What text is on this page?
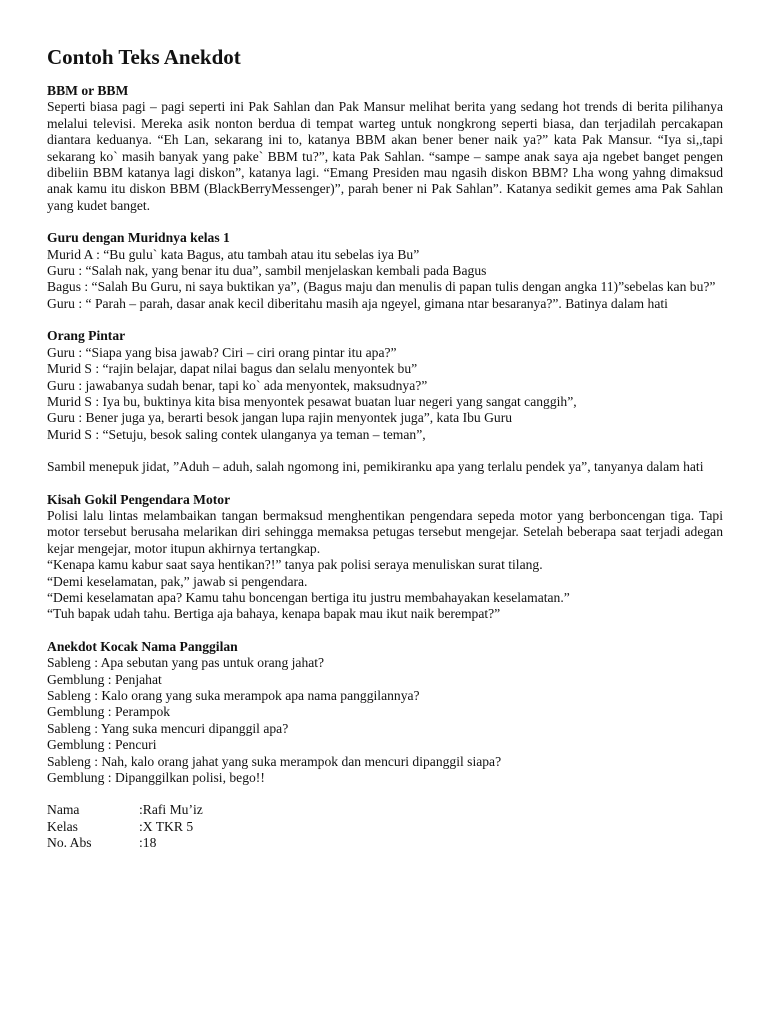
Contoh Teks Anekdot

BBM or BBM

Seperti biasa pagi – pagi seperti ini Pak Sahlan dan Pak Mansur melihat berita yang sedang hot trends di berita pilihanya melalui televisi. Mereka asik nonton berdua di tempat warteg untuk nongkrong seperti biasa, dan terjadilah percakapan diantara keduanya. “Eh Lan, sekarang ini to, katanya BBM akan bener bener naik ya?” kata Pak Mansur. “Iya si,,tapi sekarang ko` masih banyak yang pake` BBM tu?”, kata Pak Sahlan. “sampe – sampe anak saya aja ngebet banget pengen dibeliin BBM katanya lagi diskon”, katanya lagi. “Emang Presiden mau ngasih diskon BBM? Lha wong yahng dimaksud anak kamu itu diskon BBM (BlackBerryMessenger)”, parah bener ni Pak Sahlan”. Katanya sedikit gemes ama Pak Sahlan yang kudet banget.

Guru dengan Muridnya kelas 1

Murid A : “Bu gulu` kata Bagus, atu tambah atau itu sebelas iya Bu”

Guru : “Salah nak, yang benar itu dua”, sambil menjelaskan kembali pada Bagus

Bagus : “Salah Bu Guru, ni saya buktikan ya”, (Bagus maju dan menulis di papan tulis dengan angka 11)”sebelas kan bu?”

Guru : “ Parah – parah, dasar anak kecil diberitahu masih aja ngeyel, gimana ntar besaranya?”. Batinya dalam hati

Orang Pintar

Guru : “Siapa yang bisa jawab? Ciri – ciri orang pintar itu apa?”

Murid S : “rajin belajar, dapat nilai bagus dan selalu menyontek bu”

Guru : jawabanya sudah benar, tapi ko` ada menyontek, maksudnya?”

Murid S : Iya bu, buktinya kita bisa menyontek pesawat buatan luar negeri yang sangat canggih”,

Guru : Bener juga ya, berarti besok jangan lupa rajin menyontek juga”, kata Ibu Guru

Murid S : “Setuju, besok saling contek ulanganya ya teman – teman”,

Sambil menepuk jidat, ”Aduh – aduh, salah ngomong ini, pemikiranku apa yang terlalu pendek ya”, tanyanya dalam hati

Kisah Gokil Pengendara Motor

Polisi lalu lintas melambaikan tangan bermaksud menghentikan pengendara sepeda motor yang berboncengan tiga. Tapi motor tersebut berusaha melarikan diri sehingga memaksa petugas tersebut mengejar. Setelah beberapa saat terjadi adegan kejar mengejar, motor itupun akhirnya tertangkap.

“Kenapa kamu kabur saat saya hentikan?!” tanya pak polisi seraya menuliskan surat tilang.

“Demi keselamatan, pak,” jawab si pengendara.

“Demi keselamatan apa? Kamu tahu boncengan bertiga itu justru membahayakan keselamatan.”

“Tuh bapak udah tahu. Bertiga aja bahaya, kenapa bapak mau ikut naik berempat?”

Anekdot Kocak Nama Panggilan

Sableng : Apa sebutan yang pas untuk orang jahat?

Gemblung : Penjahat

Sableng : Kalo orang yang suka merampok apa nama panggilannya?

Gemblung : Perampok

Sableng : Yang suka mencuri dipanggil apa?

Gemblung : Pencuri

Sableng : Nah, kalo orang jahat yang suka merampok dan mencuri dipanggil siapa?

Gemblung : Dipanggilkan polisi, bego!!

Nama	:Rafi Mu’iz
Kelas	:X TKR 5
No. Abs	:18
